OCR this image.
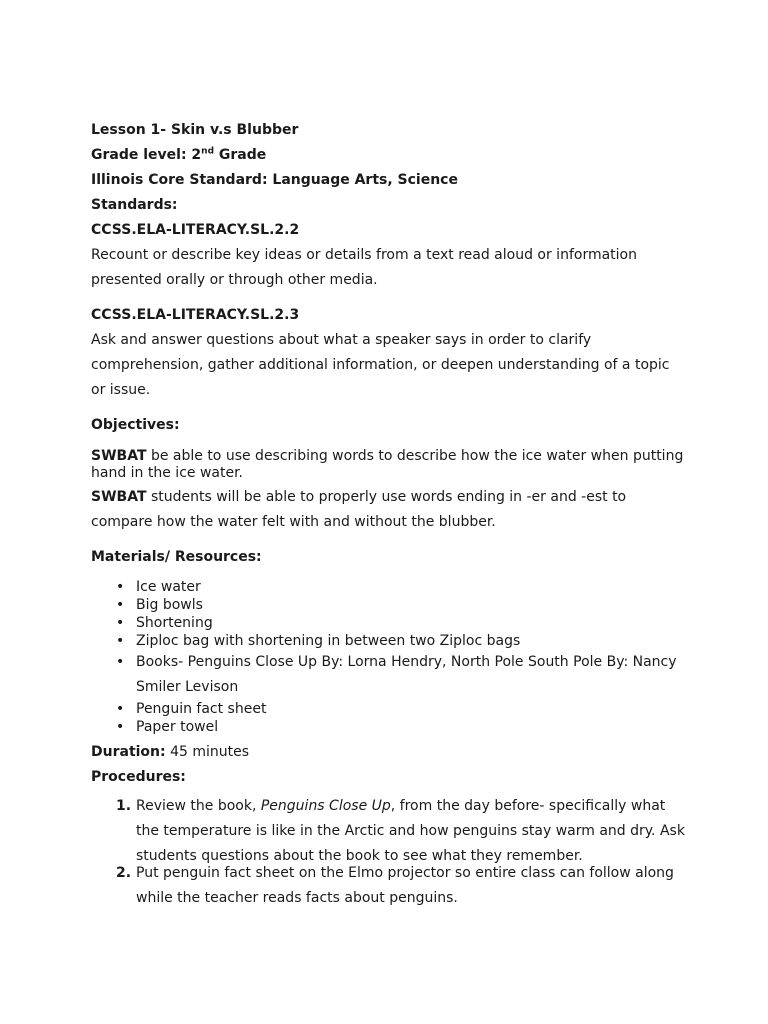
Lesson 1- Skin v.s Blubber

Grade level: 2nd Grade

Illinois Core Standard: Language Arts, Science

Standards:

CCSS.ELA-LITERACY.SL.2.2

Recount or describe key ideas or details from a text read aloud or information
presented orally or through other media.

CCSS.ELA-LITERACY.SL.2.3

Ask and answer questions about what a speaker says in order to clarify
comprehension, gather additional information, or deepen understanding of a topic
or issue.

Objectives:

SWBAT be able to use describing words to describe how the ice water when putting
hand in the ice water.

SWBAT students will be able to properly use words ending in -er and -est to
compare how the water felt with and without the blubber.

Materials/ Resources:

• Ice water
• Big bowls
• Shortening
• Ziploc bag with shortening in between two Ziploc bags
• Books- Penguins Close Up By: Lorna Hendry, North Pole South Pole By: Nancy
Smiler Levison
• Penguin fact sheet
• Paper towel

Duration: 45 minutes

Procedures:

1. Review the book, Penguins Close Up, from the day before- specifically what
the temperature is like in the Arctic and how penguins stay warm and dry. Ask
students questions about the book to see what they remember.
2. Put penguin fact sheet on the Elmo projector so entire class can follow along
while the teacher reads facts about penguins.
